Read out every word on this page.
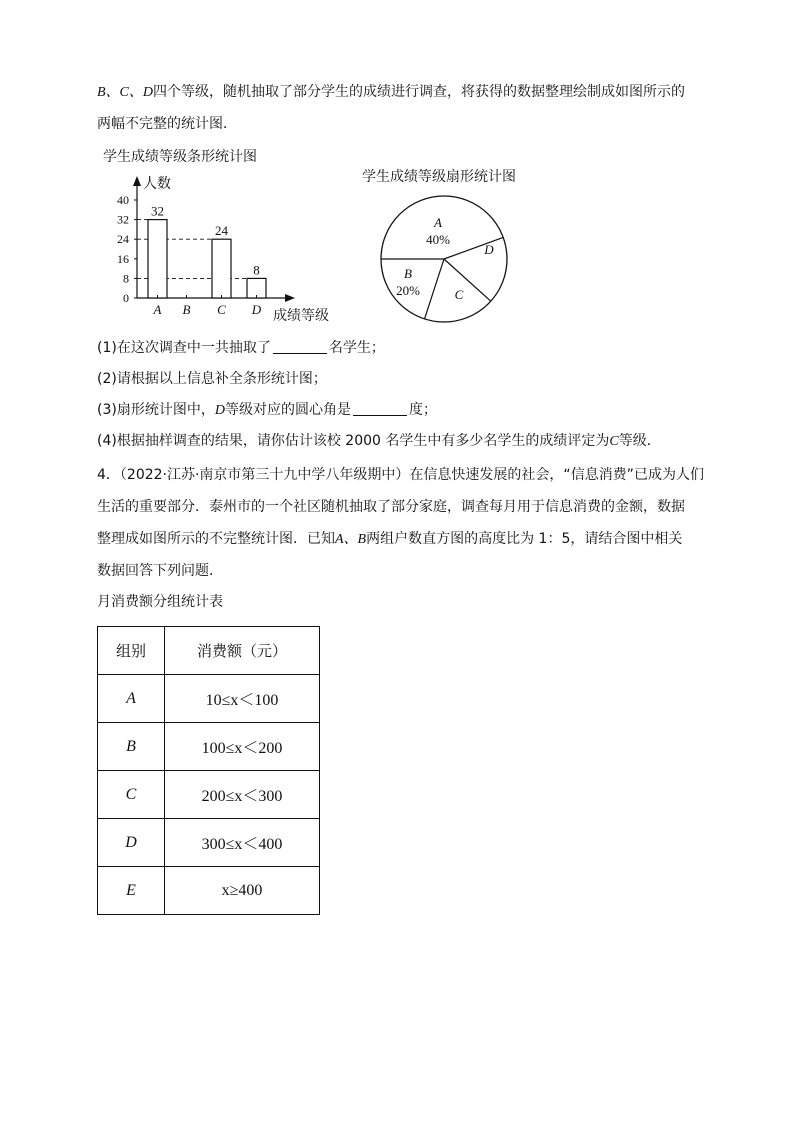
B、C、D四个等级，随机抽取了部分学生的成绩进行调查，将获得的数据整理绘制成如图所示的
两幅不完整的统计图．
学生成绩等级条形统计图
学生成绩等级扇形统计图
人数
成绩等级
0
8
16
24
32
40
32
A B
24
C
8
D
A
40%
B
20%	C
D
(1)在这次调查中一共抽取了	名学生；
(2)请根据以上信息补全条形统计图；
(3)扇形统计图中，D等级对应的圆心角是	度；
(4)根据抽样调查的结果，请你估计该校 2000 名学生中有多少名学生的成绩评定为C等级．
4．（2022·江苏·南京市第三十九中学八年级期中）在信息快速发展的社会，“信息消费”已成为人们
生活的重要部分．泰州市的一个社区随机抽取了部分家庭，调查每月用于信息消费的金额，数据
整理成如图所示的不完整统计图．已知A、B两组户数直方图的高度比为 1：5，请结合图中相关
数据回答下列问题．
月消费额分组统计表
组别	消费额（元）
A	10≤x＜100
B	100≤x＜200
C	200≤x＜300
D	300≤x＜400
E	x≥400
